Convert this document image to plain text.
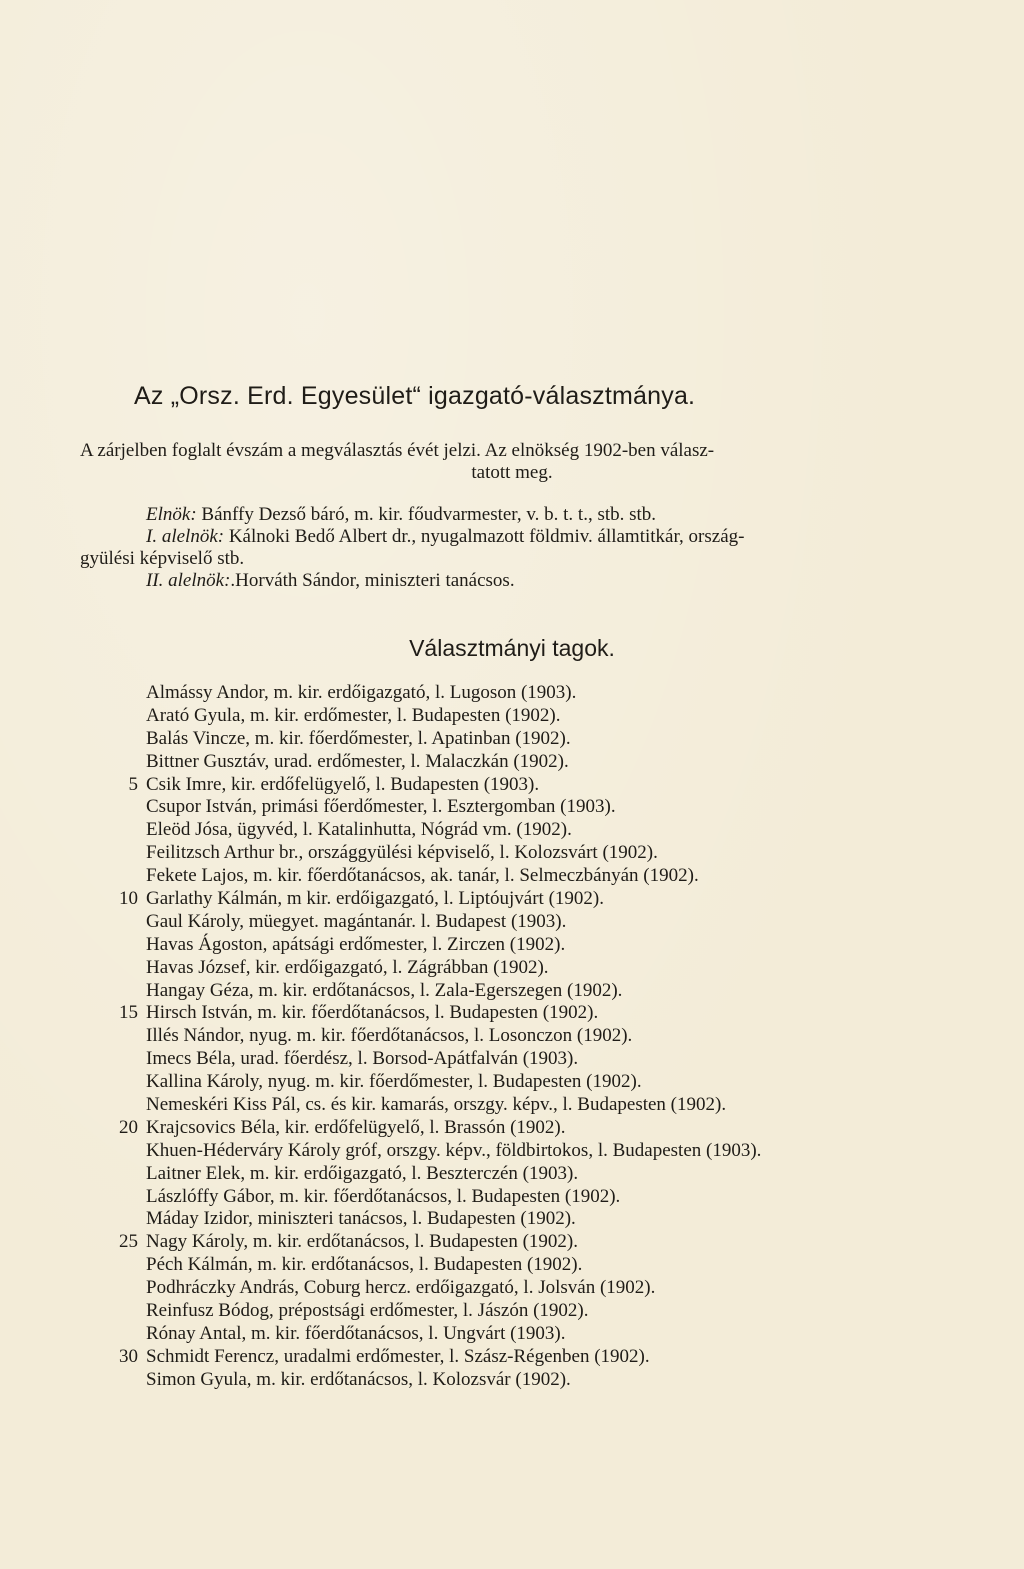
Az „Orsz. Erd. Egyesület“ igazgató-választmánya.
A zárjelben foglalt évszám a megválasztás évét jelzi. Az elnökség 1902-ben válasz-
tatott meg.
Elnök: Bánffy Dezső báró, m. kir. főudvarmester, v. b. t. t., stb. stb.
I. alelnök: Kálnoki Bedő Albert dr., nyugalmazott földmiv. államtitkár, ország-
gyülési képviselő stb.
II. alelnök:.Horváth Sándor, miniszteri tanácsos.
Választmányi tagok.
Almássy Andor, m. kir. erdőigazgató, l. Lugoson (1903).
Arató Gyula, m. kir. erdőmester, l. Budapesten (1902).
Balás Vincze, m. kir. főerdőmester, l. Apatinban (1902).
Bittner Gusztáv, urad. erdőmester, l. Malaczkán (1902).
5 Csik Imre, kir. erdőfelügyelő, l. Budapesten (1903).
Csupor István, primási főerdőmester, l. Esztergomban (1903).
Eleöd Jósa, ügyvéd, l. Katalinhutta, Nógrád vm. (1902).
Feilitzsch Arthur br., országgyülési képviselő, l. Kolozsvárt (1902).
Fekete Lajos, m. kir. főerdőtanácsos, ak. tanár, l. Selmeczbányán (1902).
10 Garlathy Kálmán, m kir. erdőigazgató, l. Liptóujvárt (1902).
Gaul Károly, müegyet. magántanár. l. Budapest (1903).
Havas Ágoston, apátsági erdőmester, l. Zirczen (1902).
Havas József, kir. erdőigazgató, l. Zágrábban (1902).
Hangay Géza, m. kir. erdőtanácsos, l. Zala-Egerszegen (1902).
15 Hirsch István, m. kir. főerdőtanácsos, l. Budapesten (1902).
Illés Nándor, nyug. m. kir. főerdőtanácsos, l. Losonczon (1902).
Imecs Béla, urad. főerdész, l. Borsod-Apátfalván (1903).
Kallina Károly, nyug. m. kir. főerdőmester, l. Budapesten (1902).
Nemeskéri Kiss Pál, cs. és kir. kamarás, orszgy. képv., l. Budapesten (1902).
20 Krajcsovics Béla, kir. erdőfelügyelő, l. Brassón (1902).
Khuen-Héderváry Károly gróf, orszgy. képv., földbirtokos, l. Budapesten (1903).
Laitner Elek, m. kir. erdőigazgató, l. Beszterczén (1903).
Lászlóffy Gábor, m. kir. főerdőtanácsos, l. Budapesten (1902).
Máday Izidor, miniszteri tanácsos, l. Budapesten (1902).
25 Nagy Károly, m. kir. erdőtanácsos, l. Budapesten (1902).
Péch Kálmán, m. kir. erdőtanácsos, l. Budapesten (1902).
Podhráczky András, Coburg hercz. erdőigazgató, l. Jolsván (1902).
Reinfusz Bódog, prépostsági erdőmester, l. Jászón (1902).
Rónay Antal, m. kir. főerdőtanácsos, l. Ungvárt (1903).
30 Schmidt Ferencz, uradalmi erdőmester, l. Szász-Régenben (1902).
Simon Gyula, m. kir. erdőtanácsos, l. Kolozsvár (1902).
